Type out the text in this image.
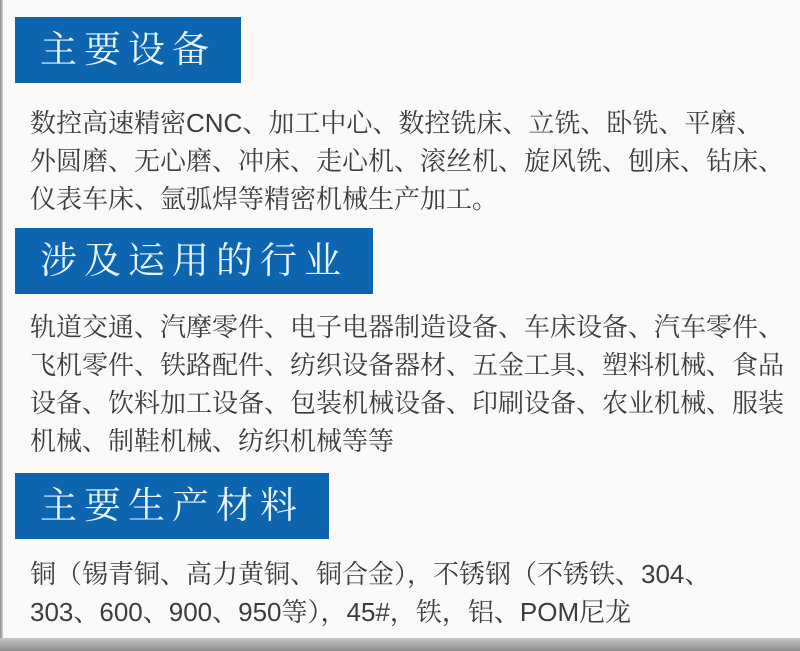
主要设备
数控高速精密CNC、加工中心、数控铣床、立铣、卧铣、平磨、
外圆磨、无心磨、冲床、走心机、滚丝机、旋风铣、刨床、钻床、
仪表车床、氩弧焊等精密机械生产加工。
涉及运用的行业
轨道交通、汽摩零件、电子电器制造设备、车床设备、汽车零件、
飞机零件、铁路配件、纺织设备器材、五金工具、塑料机械、食品
设备、饮料加工设备、包装机械设备、印刷设备、农业机械、服装
机械、制鞋机械、纺织机械等等
主要生产材料
铜（锡青铜、高力黄铜、铜合金），不锈钢（不锈铁、304、
303、600、900、950等），45#，铁，铝、POM尼龙
